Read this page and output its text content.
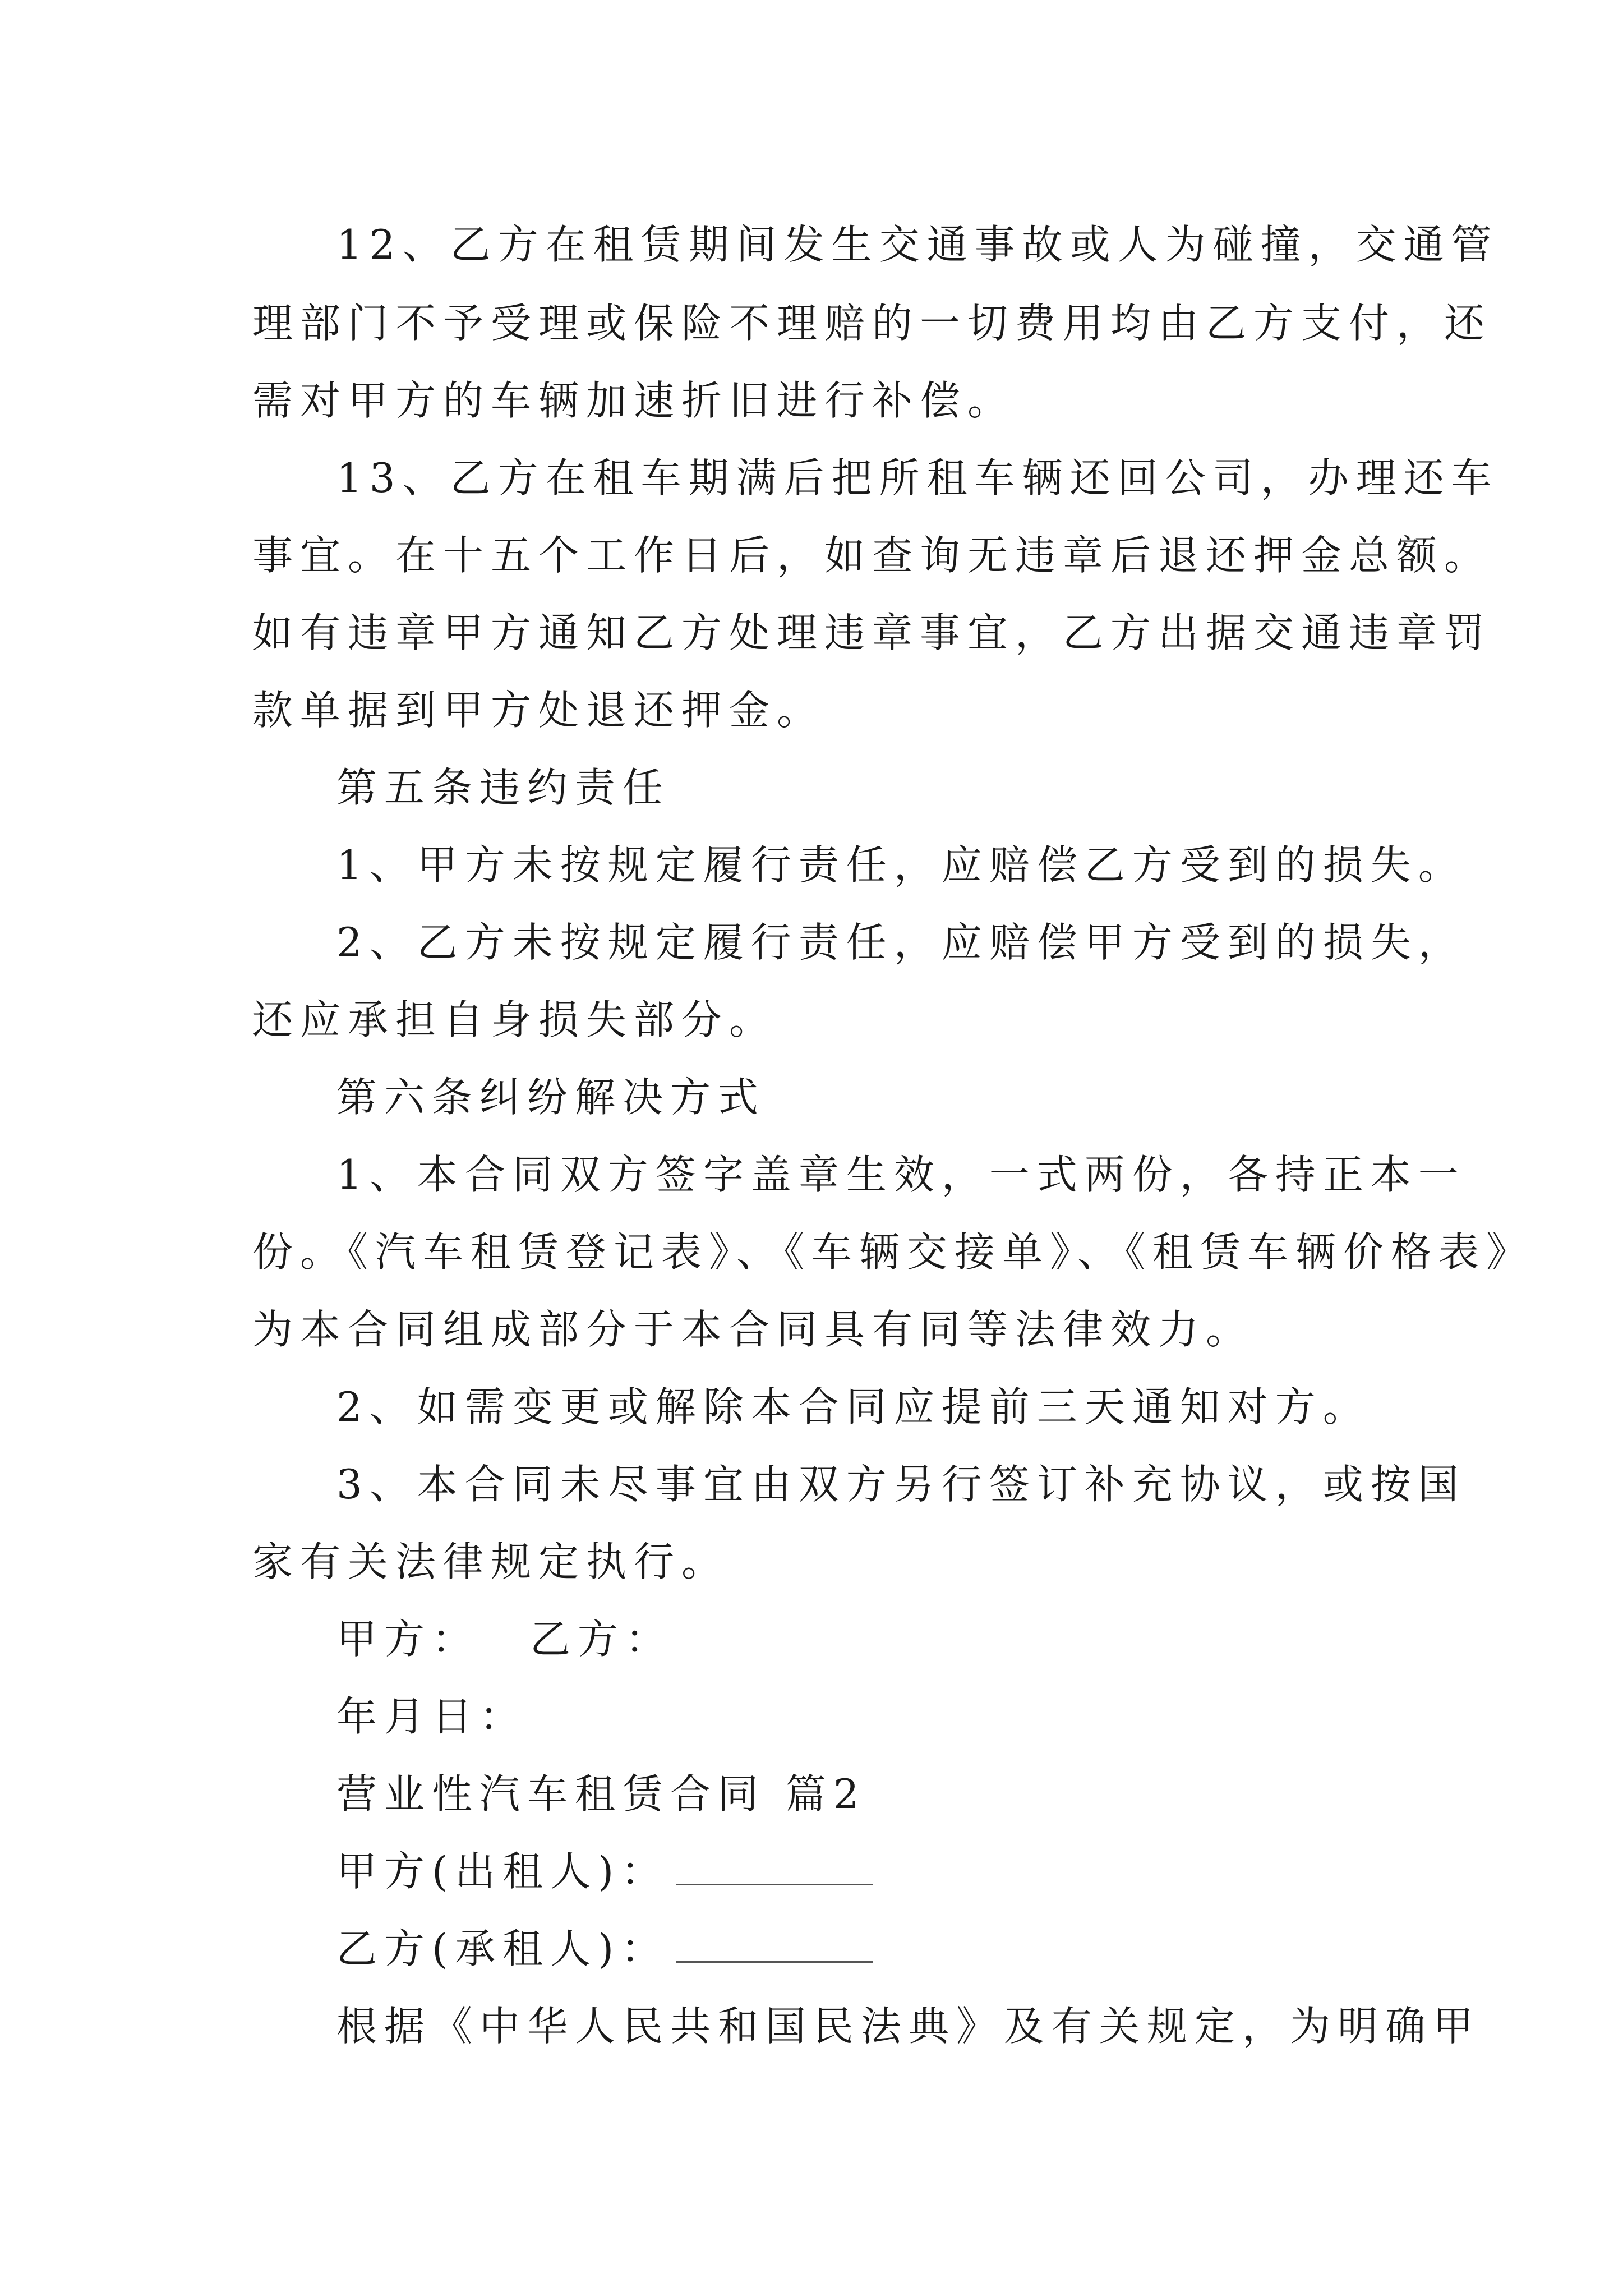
12、乙方在租赁期间发生交通事故或人为碰撞，交通管
理部门不予受理或保险不理赔的一切费用均由乙方支付，还
需对甲方的车辆加速折旧进行补偿。
13、乙方在租车期满后把所租车辆还回公司，办理还车
事宜。在十五个工作日后，如查询无违章后退还押金总额。
如有违章甲方通知乙方处理违章事宜，乙方出据交通违章罚
款单据到甲方处退还押金。
第五条违约责任
1、甲方未按规定履行责任，应赔偿乙方受到的损失。
2、乙方未按规定履行责任，应赔偿甲方受到的损失，
还应承担自身损失部分。
第六条纠纷解决方式
1、本合同双方签字盖章生效，一式两份，各持正本一
份。《汽车租赁登记表》、《车辆交接单》、《租赁车辆价格表》
为本合同组成部分于本合同具有同等法律效力。
2、如需变更或解除本合同应提前三天通知对方。
3、本合同未尽事宜由双方另行签订补充协议，或按国
家有关法律规定执行。
甲方： 乙方：
年月日：
营业性汽车租赁合同 篇2
甲方(出租人)：
乙方(承租人)：
根据《中华人民共和国民法典》及有关规定，为明确甲
